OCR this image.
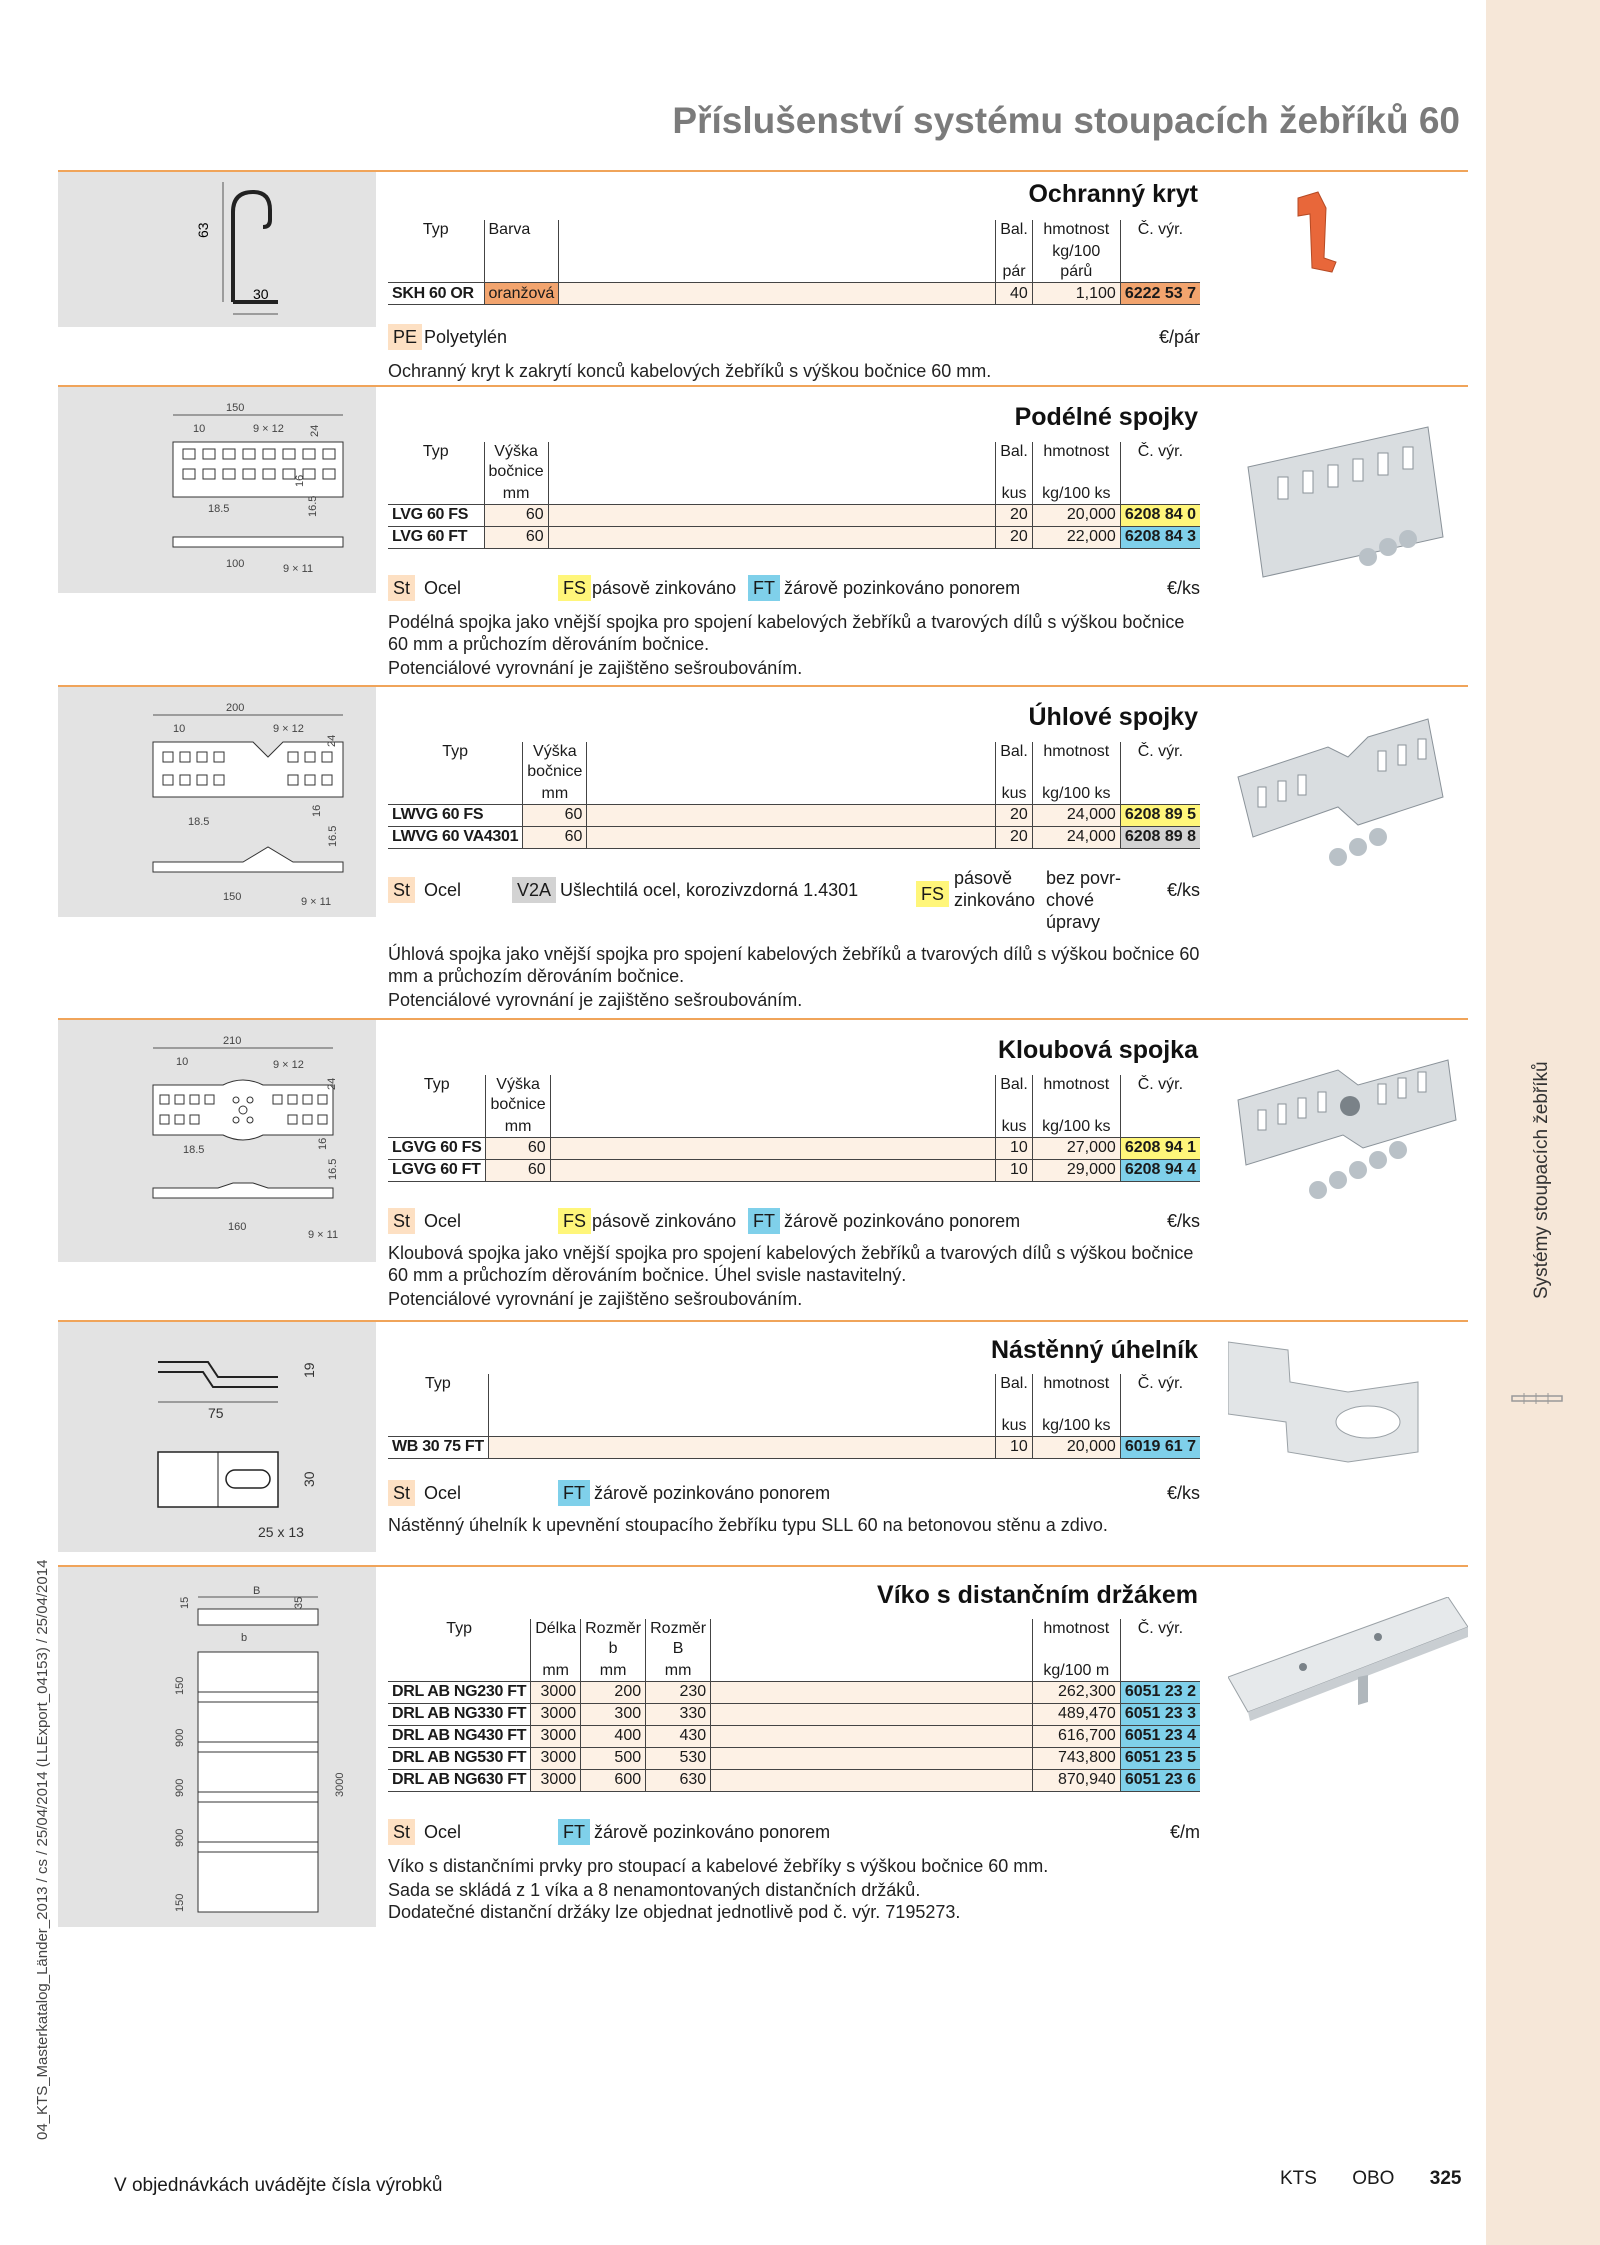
Systémy stoupacích žebříků
04_KTS_Masterkatalog_Länder_2013 / cs / 25/04/2014 (LLExport_04153) / 25/04/2014
Příslušenství systému stoupacích žebříků 60
63
30
Ochranný kryt
Typ	Barva		Bal.	hmotnost	Č. výr.
			pár	kg/100 párů	
SKH 60 OR	oranžová		40	1,100	6222 53 7
PE Polyetylén	€/pár

Ochranný kryt k zakrytí konců kabelových žebříků s výškou bočnice 60 mm.

150
10	9 × 12 24
16
16.5
18.5
100	9 × 11
Podélné spojky
Typ	Výška bočnice		Bal.	hmotnost	Č. výr.
	mm		kus	kg/100 ks	
LVG 60 FS	60		20	20,000	6208 84 0
LVG 60 FT	60		20	22,000	6208 84 3
St Ocel	FS pásově zinkováno FT žárově pozinkováno ponorem	€/ks

Podélná spojka jako vnější spojka pro spojení kabelových žebříků a tvarových dílů s výškou bočnice 60 mm a průchozím děrováním bočnice.

Potenciálové vyrovnání je zajištěno sešroubováním.

200
10	9 × 12
24
16
16.5
18.5
150	9 × 11
Úhlové spojky
Typ	Výška bočnice		Bal.	hmotnost	Č. výr.
	mm		kus	kg/100 ks	
LWVG 60 FS	60		20	24,000	6208 89 5
LWVG 60 VA4301	60		20	24,000	6208 89 8
St Ocel	V2A Ušlechtilá ocel, korozivzdorná 1.4301	FS
pásově
zinkováno
bez povr-
chové
úpravy
€/ks

Úhlová spojka jako vnější spojka pro spojení kabelových žebříků a tvarových dílů s výškou bočnice 60 mm a průchozím děrováním bočnice.

Potenciálové vyrovnání je zajištěno sešroubováním.

210
10	9 × 12
24
16
16.5
18.5
160
9 × 11
Kloubová spojka
Typ	Výška bočnice		Bal.	hmotnost	Č. výr.
	mm		kus	kg/100 ks	
LGVG 60 FS	60		10	27,000	6208 94 1
LGVG 60 FT	60		10	29,000	6208 94 4
St Ocel	FS pásově zinkováno FT žárově pozinkováno ponorem	€/ks

Kloubová spojka jako vnější spojka pro spojení kabelových žebříků a tvarových dílů s výškou bočnice 60 mm a průchozím děrováním bočnice. Úhel svisle nastavitelný.

Potenciálové vyrovnání je zajištěno sešroubováním.

75
19
30
25 x 13
Nástěnný úhelník
Typ		Bal.	hmotnost	Č. výr.
		kus	kg/100 ks	
WB 30 75 FT		10	20,000	6019 61 7
St Ocel	FT žárově pozinkováno ponorem	€/ks

Nástěnný úhelník k upevnění stoupacího žebříku typu SLL 60 na betonovou stěnu a zdivo.

B
b
15	35
150
900
900
900
150
3000
Víko s distančním držákem
Typ	Délka	Rozměr b	Rozměr B		hmotnost	Č. výr.
	mm	mm	mm		kg/100 m	
DRL AB NG230 FT	3000	200	230		262,300	6051 23 2
DRL AB NG330 FT	3000	300	330		489,470	6051 23 3
DRL AB NG430 FT	3000	400	430		616,700	6051 23 4
DRL AB NG530 FT	3000	500	530		743,800	6051 23 5
DRL AB NG630 FT	3000	600	630		870,940	6051 23 6
St Ocel	FT žárově pozinkováno ponorem	€/m

Víko s distančními prvky pro stoupací a kabelové žebříky s výškou bočnice 60 mm.

Sada se skládá z 1 víka a 8 nenamontovaných distančních držáků.

Dodatečné distanční držáky lze objednat jednotlivě pod č. výr. 7195273.

V objednávkách uvádějte čísla výrobků	KTS OBO 325
